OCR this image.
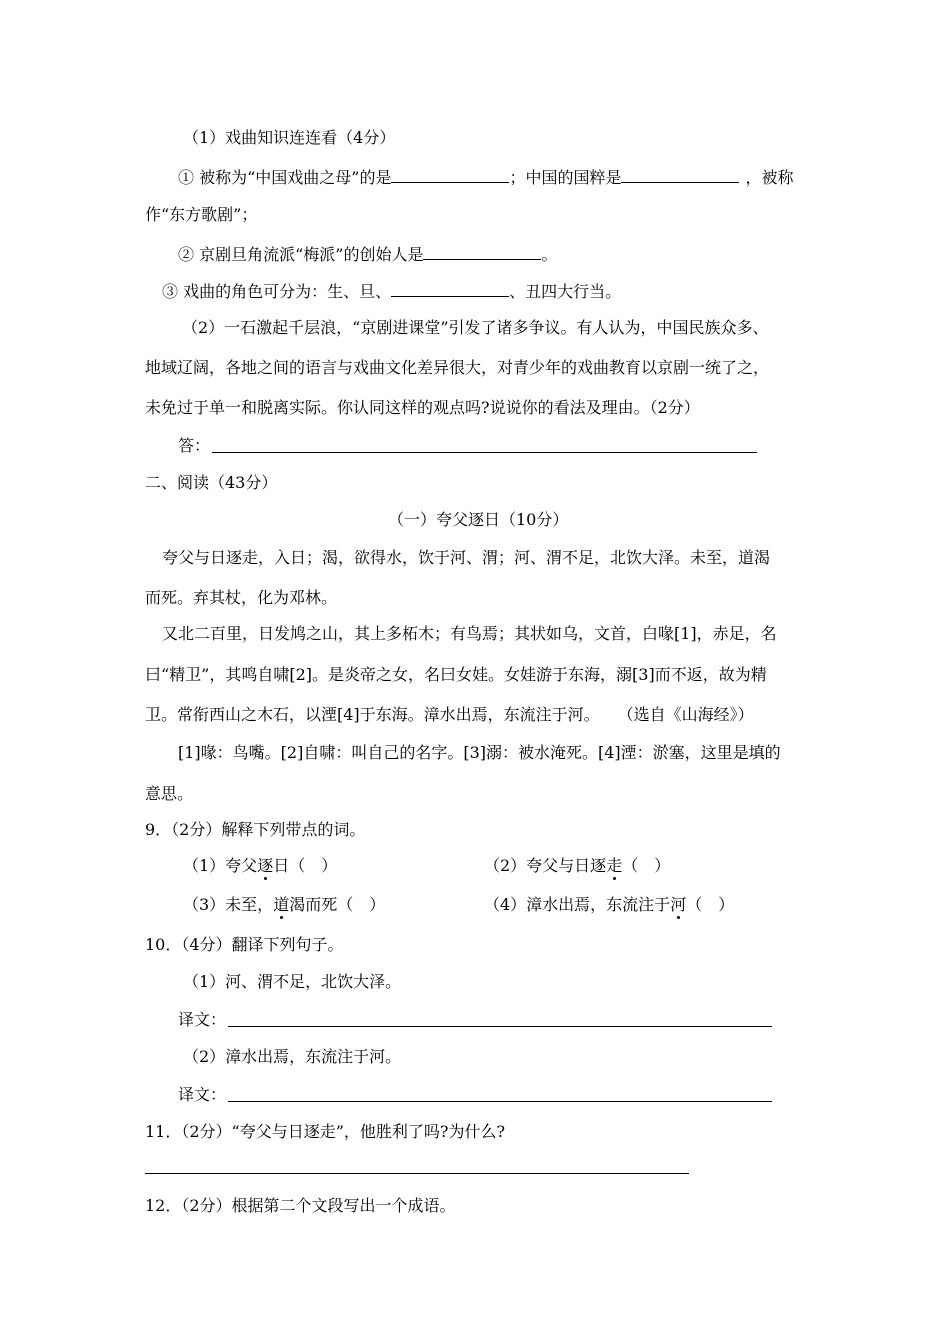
（1）戏曲知识连连看（4分）
① 被称为“中国戏曲之母”的是	；中国的国粹是	，被称
作“东方歌剧”；
② 京剧旦角流派“梅派”的创始人是	。
③ 戏曲的角色可分为：生、旦、	、丑四大行当。
（2）一石激起千层浪，“京剧进课堂”引发了诸多争议。有人认为，中国民族众多、
地域辽阔，各地之间的语言与戏曲文化差异很大，对青少年的戏曲教育以京剧一统了之，
未免过于单一和脱离实际。你认同这样的观点吗?说说你的看法及理由。（2分）
答：
二、阅读（43分）
（一）夸父逐日（10分）
夸父与日逐走，入日；渴，欲得水，饮于河、渭；河、渭不足，北饮大泽。未至，道渴
而死。弃其杖，化为邓林。
又北二百里，日发鸠之山，其上多柘木；有鸟焉；其状如乌，文首，白喙[1]，赤足，名
曰“精卫”，其鸣自啸[2]。是炎帝之女，名曰女娃。女娃游于东海，溺[3]而不返，故为精
卫。常衔西山之木石，以湮[4]于东海。漳水出焉，东流注于河。 （选自《山海经》）
[1]喙：鸟嘴。[2]自啸：叫自己的名字。[3]溺：被水淹死。[4]湮：淤塞，这里是填的
意思。
9．（2分）解释下列带点的词。
（1）夸父逐日（　）	（2）夸父与日逐走（　）
（3）未至，道渴而死（　）	（4）漳水出焉，东流注于河（　）
10．（4分）翻译下列句子。
（1）河、渭不足，北饮大泽。
译文：
（2）漳水出焉，东流注于河。
译文：
11．（2分）“夸父与日逐走”，他胜利了吗?为什么?
12．（2分）根据第二个文段写出一个成语。
